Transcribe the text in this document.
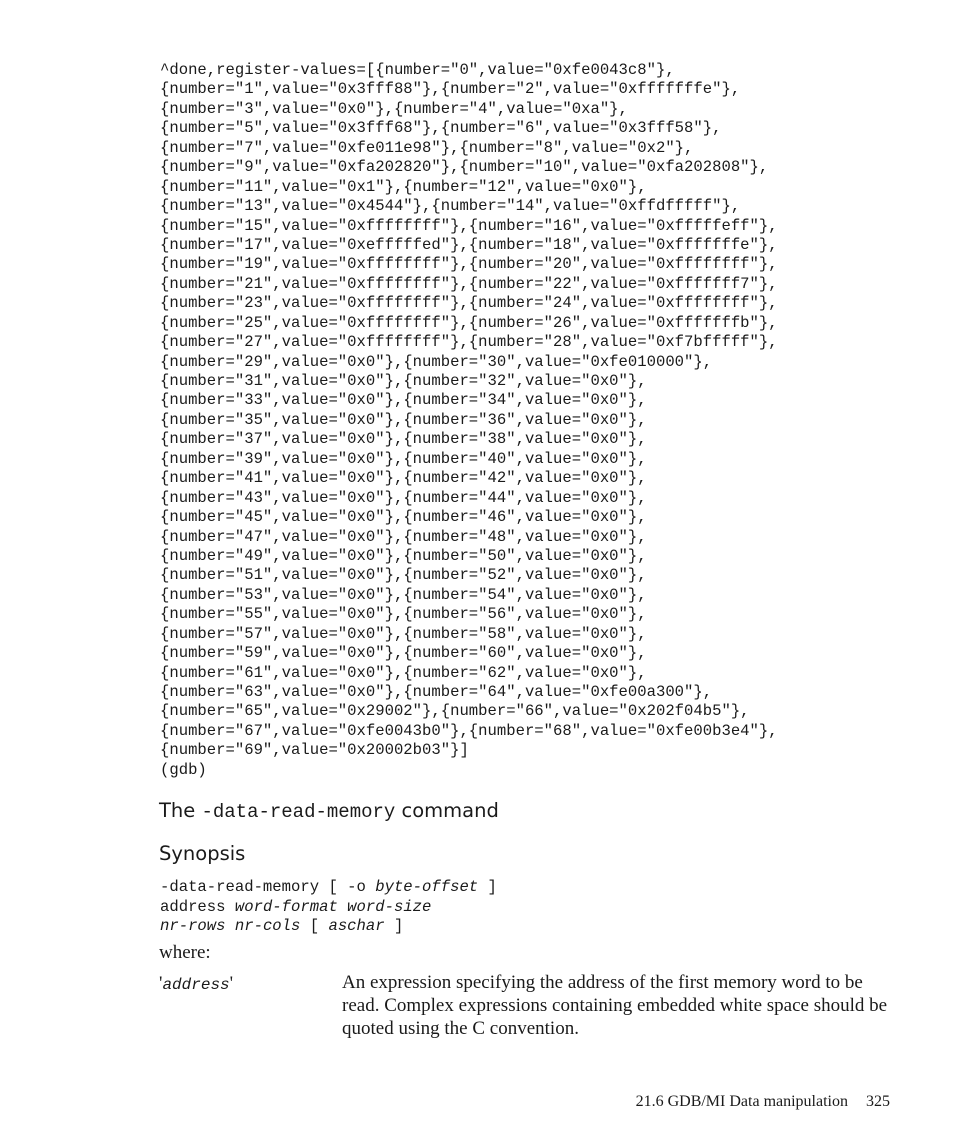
^done,register-values=[{number="0",value="0xfe0043c8"},
{number="1",value="0x3fff88"},{number="2",value="0xfffffffe"},
{number="3",value="0x0"},{number="4",value="0xa"},
{number="5",value="0x3fff68"},{number="6",value="0x3fff58"},
{number="7",value="0xfe011e98"},{number="8",value="0x2"},
{number="9",value="0xfa202820"},{number="10",value="0xfa202808"},
{number="11",value="0x1"},{number="12",value="0x0"},
{number="13",value="0x4544"},{number="14",value="0xffdfffff"},
{number="15",value="0xffffffff"},{number="16",value="0xfffffeff"},
{number="17",value="0xefffffed"},{number="18",value="0xfffffffe"},
{number="19",value="0xffffffff"},{number="20",value="0xffffffff"},
{number="21",value="0xffffffff"},{number="22",value="0xfffffff7"},
{number="23",value="0xffffffff"},{number="24",value="0xffffffff"},
{number="25",value="0xffffffff"},{number="26",value="0xfffffffb"},
{number="27",value="0xffffffff"},{number="28",value="0xf7bfffff"},
{number="29",value="0x0"},{number="30",value="0xfe010000"},
{number="31",value="0x0"},{number="32",value="0x0"},
{number="33",value="0x0"},{number="34",value="0x0"},
{number="35",value="0x0"},{number="36",value="0x0"},
{number="37",value="0x0"},{number="38",value="0x0"},
{number="39",value="0x0"},{number="40",value="0x0"},
{number="41",value="0x0"},{number="42",value="0x0"},
{number="43",value="0x0"},{number="44",value="0x0"},
{number="45",value="0x0"},{number="46",value="0x0"},
{number="47",value="0x0"},{number="48",value="0x0"},
{number="49",value="0x0"},{number="50",value="0x0"},
{number="51",value="0x0"},{number="52",value="0x0"},
{number="53",value="0x0"},{number="54",value="0x0"},
{number="55",value="0x0"},{number="56",value="0x0"},
{number="57",value="0x0"},{number="58",value="0x0"},
{number="59",value="0x0"},{number="60",value="0x0"},
{number="61",value="0x0"},{number="62",value="0x0"},
{number="63",value="0x0"},{number="64",value="0xfe00a300"},
{number="65",value="0x29002"},{number="66",value="0x202f04b5"},
{number="67",value="0xfe0043b0"},{number="68",value="0xfe00b3e4"},
{number="69",value="0x20002b03"}]
(gdb)
The -data-read-memory command
Synopsis
-data-read-memory [ -o byte-offset ]
address word-format word-size
nr-rows nr-cols [ aschar ]
where:
'address'	An expression specifying the address of the first memory word to be read. Complex expressions containing embedded white space should be quoted using the C convention.
21.6 GDB/MI Data manipulation 325
